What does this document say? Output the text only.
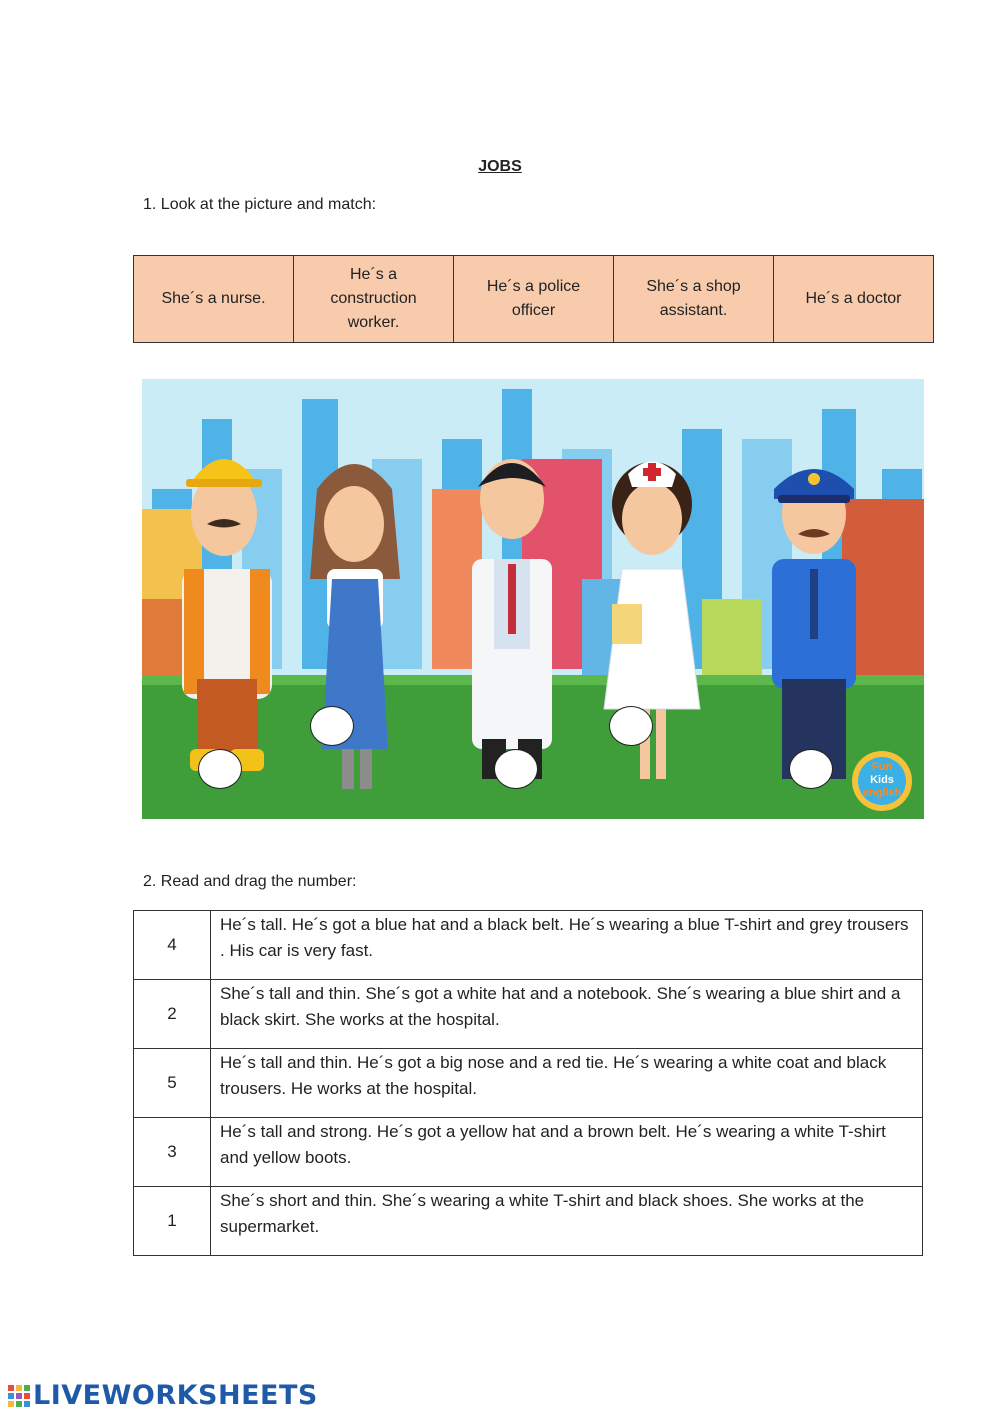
JOBS
1. Look at the picture and match:
She´s a nurse.	He´s a construction worker.	He´s a police officer	She´s a shop assistant.	He´s a doctor
Fun
Kids
english
2. Read and drag the number:
4	He´s tall. He´s got a blue hat and a black belt. He´s wearing a blue T-shirt and grey trousers . His car is very fast.
2	She´s tall and thin. She´s got a white hat and a notebook. She´s wearing a blue shirt and a black skirt. She works at the hospital.
5	He´s tall and thin. He´s got a big nose and a red tie. He´s wearing a white coat and black trousers. He works at the hospital.
3	He´s tall and strong. He´s got a yellow hat and a brown belt. He´s wearing a white T-shirt and yellow boots.
1	She´s short and thin. She´s wearing a white T-shirt and black shoes. She works at the supermarket.
LIVEWORKSHEETS
